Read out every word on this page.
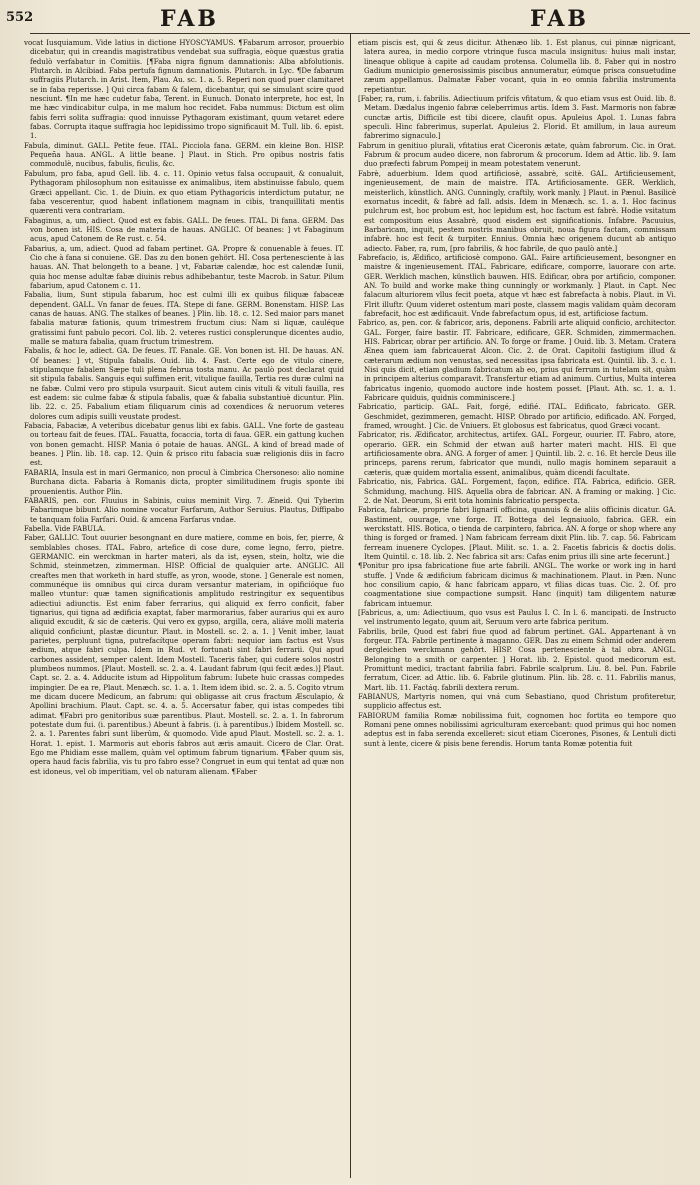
552	FAB	FAB

vocat Iusquiamum. Vide latius in dictione HYOSCYAMUS. ¶Fabarum arrosor, prouerbio dicebatur, qui in creandis magistratibus vendebat sua suffragia, eòque quæstus gratia fedulò verfabatur in Comitiis. [¶Faba nigra fignum damnationis: Alba abfolutionis. Plutarch. in Alcibiad. Faba pertufa fignum damnationis. Plutarch. in Lyc. ¶De fabarum suffragiis Plutarch. in Arist. Item, Plau. Au. sc. 1. a. 5. Reperi non quod puer clamitaret se in faba reperisse. ] Qui circa fabam & falem, dicebantur, qui se simulant scire quod nesciunt. ¶In me hæc cudetur faba, Terent. in Eunuch. Donato interprete, hoc est, In me hæc vindicabitur culpa, in me malum hoc recidet. Faba nummus: Dictum est olim fabis ferri solita suffragia: quod innuisse Pythagoram existimant, quum vetaret edere fabas. Corrupta itaque suffragia hoc lepidissimo tropo significauit M. Tull. lib. 6. epist. 1.

Fabula, diminut. GALL. Petite feue. ITAL. Picciola fana. GERM. ein kleine Bon. HISP. Pequeña haua. ANGL. A little beane. ] Plaut. in Stich. Pro opibus nostris fatis commodulè, nucibus, fabulis, ficulis, &c.

Fabulum, pro faba, apud Gell. lib. 4. c. 11. Opinio vetus falsa occupauit, & conualuit, Pythagoram philosophum non esitauisse ex animalibus, item abstinuisse fabulo, quem Græci appellant. Cic. 1. de Diuin. ex quo etiam Pythagoricis interdictum putatur, ne faba vescerentur, quod habent inflationem magnam in cibis, tranquillitati mentis quærenti vera contrariam.

Fabaginus, a, um, adiect. Quod est ex fabis. GALL. De feues. ITAL. Di fana. GERM. Das von bonen ist. HIS. Cosa de materia de hauas. ANGLIC. Of beanes: ] vt Fabaginum acus, apud Catonem de Re rust. c. 54.

Fabarius, a, um, adiect. Quod ad fabam pertinet. GA. Propre & conuenable à feues. IT. Cio che à fana si conuiene. GE. Das zu den bonen gehört. HI. Cosa pertenesciente à las hauas. AN. That belongeth to a beane. ] vt, Fabariæ calendæ, hoc est calendæ Iunii, quia hoc mense adultæ fabæ diuinis rebus adhibebantur, teste Macrob. in Satur. Pilum fabarium, apud Catonem c. 11.

Fabalia, lium, Sunt stipula fabarum, hoc est culmi illi ex quibus filiquæ fabaceæ dependent. GALL. Vn fanar de feues. ITA. Stepe di fane. GERM. Bonenstam. HISP. Las canas de hauas. ANG. The stalkes of beanes. ] Plin. lib. 18. c. 12. Sed maior pars manet fabalia maturæ fationis, quum trimestrem fructum cius: Nam si liquæ, cauléque gratissimi funt pabulo pecori. Col. lib. 2. veteres rustici consplerunque dicentes audio, malle se matura fabalia, quam fructum trimestrem.

Fabalis, & hoc le, adiect. GA. De feues. IT. Fanale. GE. Von bonen ist. HI. De hauas. AN. Of beanes: ] vt, Stipula fabalis. Ouid. lib. 4. Fast. Certe ego de vitulo cinere, stipulamque fabalem Sæpe tuli plena februa tosta manu. Ac paulò post declarat quid sit stipula fabalis. Sanguis equi suffimen erit, vitulique fauilla, Tertia res duræ culmi na ne fabæ. Culmi vero pro stipula vsurpauit. Sicut autem cinis vituli & vituli fauilla, res est eadem: sic culme fabæ & stipula fabalis, quæ & fabalia substantiuè dicuntur. Plin. lib. 22. c. 25. Fabalium etiam filiquarum cinis ad coxendices & neruorum veteres dolores cum adipis suilli veustate prodest.

Fabacia, Fabaciæ, A veteribus dicebatur genus libi ex fabis. GALL. Vne forte de gasteau ou torteau fait de feues. ITAL. Fauatta, focaccia, torta di faua. GER. ein gattung kuchen von bonen gemacht. HISP. Mania ó potaie de hauas. ANGL. A kind of bread made of beanes. ] Plin. lib. 18. cap. 12. Quin & prisco ritu fabacia suæ religionis diis in facro est.

FABARIA, Insula est in mari Germanico, non procul à Cimbrica Chersoneso: alio nomine Burchana dicta. Fabaria à Romanis dicta, propter similitudinem frugis sponte ibi prouenientis. Author Plin.

FABARIS, pen. cor. Fluuius in Sabinis, cuius meminit Virg. 7. Æneid. Qui Tyberim Fabarimque bibunt. Alio nomine vocatur Farfarum, Author Seruius. Plautus, Diffipabo te tanquam folia Farfari. Ouid. & amcena Farfarus vndae.

Fabella. Vide FABULA.

Faber, GALLIC. Tout ouurier besongnant en dure matiere, comme en bois, fer, pierre, & semblables choses. ITAL. Fabro, artefice di cose dure, come legno, ferro, pietre. GERMANIC. ein werckman in harter materi, als da ist, eysen, stein, holtz, wie die Schmid, steinmetzen, zimmerman. HISP. Official de qualquier arte. ANGLIC. All creaftes men that worketh in hard stuffe, as yron, woode, stone. ] Generale est nomen, communéque iis omnibus qui circa duram versantur materiam, in opificióque fuo malleo vtuntur: quæ tamen significationis amplitudo restringitur ex sequentibus adiectiui adiunctis. Est enim faber ferrarius, qui aliquid ex ferro conficit, faber tignarius, qui tigna ad ædificia exaptat, faber marmorarius, faber aurarius qui ex auro aliquid excudit, & sic de cæteris. Qui vero ex gypso, argilla, cera, aliáve molli materia aliquid conficiunt, plastæ dicuntur. Plaut. in Mostell. sc. 2. a. 1. ] Venit imber, lauat parietes, perpluunt tigna, putrefacítque operam fabri: nequior iam factus est Vsus ædium, atque fabri culpa. Idem in Rud. vt fortunati sint fabri ferrarii. Qui apud carbones assident, semper calent. Idem Mostell. Taceris faber, qui cudere solos nostri plumbeos nummos. [Plaut. Mostell. sc. 2. a. 4. Laudant fabrum (qui fecit ædes.)] Plaut. Capt. sc. 2. a. 4. Adducite istum ad Hippolitum fabrum: Iubete huic crassas compedes impingier. De ea re, Plaut. Menæch. sc. 1. a. 1. Item idem ibid. sc. 2. a. 5. Cogito vtrum me dicam ducere Medicum, an fabrum: qui obligasse ait crus fractum Æsculapio, & Apollini brachium. Plaut. Capt. sc. 4. a. 5. Accersatur faber, qui istas compedes tibi adimat. ¶Fabri pro genitoribus suæ parentibus. Plaut. Mostell. sc. 2. a. 1. In fabrorum potestate dum fui. (i. parentibus.) Abeunt à fabris. (i. à parentibus.) Ibidem Mostell. sc. 2. a. 1. Parentes fabri sunt liberûm, & quomodo. Vide apud Plaut. Mostell. sc. 2. a. 1. Horat. 1. epist. 1. Marmoris aut eboris fabros aut æris amauit. Cicero de Clar. Orat. Ego me Phidiam esse mallem, quàm vel optimum fabrum tignarium. ¶Faber quum sis, opera haud facis fabrilia, vis tu pro fabro esse? Congruet in eum qui tentat ad quæ non est idoneus, vel ob imperitiam, vel ob naturam alienam. ¶Faber

etiam piscis est, qui & zeus dicitur. Athenæo lib. 1. Est planus, cui pinnæ nigricant, latera aurea, in medio corpore vtrinque fusca macula insignitus: huius mali instar, lineaque oblique à capite ad caudam protensa. Columella lib. 8. Faber qui in nostro Gadium municipio generosissimis piscibus annumeratur, eúmque prisca consuetudine zæum appellamus. Dalmatæ Faber vocant, quia in eo omnia fabrilia instrumenta repetiantur.

[Faber, ra, rum, i. fabrilis. Adiectiuum prifcis vfitatum, & quo etiam vsus est Ouid. lib. 8. Metam. Dædalus ingenio fabræ celeberrimus artis. Idem 3. Fast. Marmoris non fabræ cunctæ artis, Difficile est tibi dicere, claufit opus. Apuleius Apol. 1. Lunas fabra speculi. Hinc fabrerimus, superlat. Apuleius 2. Florid. Et amillum, in laua aureum fabrerimo signaculo.]

Fabrum in genitiuo plurali, vfitatius erat Ciceronis ætate, quàm fabrorum. Cic. in Orat. Fabrum & procum audeo dicere, non fabrorum & procorum. Idem ad Attic. lib. 9. Iam duo præfecti fabrum Pompeij in meam potestatem venerunt.

Fabrè, aduerbium. Idem quod artificiosè, assabrè, scitè. GAL. Artificieusement, ingenieusement, de main de maistre. ITA. Artificiosamente. GER. Werklich, meisterlich, künstlich. ANG. Cunningly, craftily, work manly. ] Plaut. in Pænul. Basilicè exornatus incedit, & fabrè ad fall. adsis. Idem in Menæch. sc. 1. a. 1. Hoc facinus pulchrum est, hoc probum est, hoc lepidum est, hoc factum est fabrè. Hodie vsitatum est compositum eius Assabrè, quod eisdem est significationis. Infabre. Pacuuius, Barbaricam, inquit, pestem nostris manibus obruit, noua figura factam, commissam infabrè. hoc est fecit & turpiter. Ennius. Omnia hæc origenem ducunt ab antiquo adiecto. Faber, ra, rum, [pro fabrilis, & hoc fabrile, de quo paulò antè.]

Fabrefacio, is, Ædifico, artificiosè compono. GAL. Faire artificieusement, besongner en maistre & ingenieusement. ITAL. Fabricare, edificare, comporre, lauorare con arte. GER. Werklich machen, künstlich bauwen. HIS. Edificar, obra por artificio, componer. AN. To build and worke make thing cunningly or workmanly. ] Plaut. in Capt. Nec falacum alturiorem vllus fecit poeta, atque vt hæc est fabrefacta à nobis. Plaut. in Vi. Flrit illuftr. Quum videret ostentum mari poste, classem magis validam quàm decoram fabrefacit, hoc est ædificauit. Vnde fabrefactum opus, id est, artificiose factum.

Fabrico, as, pen. cor. & fabricor, aris, deponens. Fabrili arte aliquid conficio, architector. GAL. Forger, faire bastir. IT. Fabricare, edificare, GER. Schmiden, zimmermachen. HIS. Fabricar, obrar per artificio. AN. To forge or frame. ] Ouid. lib. 3. Metam. Cratera Ænea quem iam fabricauerat Alcon. Cic. 2. de Orat. Capitolii fastigium illud & cæterarum ædium non venustas, sed necessitas ipsa fabricata est. Quintil. lib. 3. c. 1. Nisi quis dicit, etiam gladium fabricatum ab eo, prius qui ferrum in tutelam sit, quàm in principem alterius comparavit. Transfertur etiam ad animum. Curtius, Multa interea fabricatus ingenio, quomodo auctore inde hostem posset. [Plaut. Ath. sc. 1. a. 1. Fabricare quiduis, quidnis comminiscere.]

Fabricatio, particip. GAL. Fait, forgé, edifié. ITAL. Edificato, fabricato. GER. Geschmidet, gezimmeren, gemacht. HISP. Obrado por artificio, edificado. AN. Forged, framed, wrought. ] Cic. de Vniuers. Et globosus est fabricatus, quod Græci vocant.

Fabricator, ris. Ædificator, architectus, artifex. GAL. Forgeur, ouurier. IT. Fabro, atore, operario. GER. ein Schmid der etwan auß harter materi macht. HIS. El que artificiosamente obra. ANG. A forger of amer. ] Quintil. lib. 2. c. 16. Et hercle Deus ille princeps, parens rerum, fabricator que mundi, nullo magis hominem separauit a cæteris, quæ quidem mortalia essent, animalibus, quàm dicendi facultate.

Fabricatio, nis, Fabrica. GAL. Forgement, façon, edifice. ITA. Fabrica, edificio. GER. Schmidung, machung. HIS. Aquella obra de fabricar. AN. A framing or making. ] Cic. 2. de Nat. Deorum, Si erit tota hominis fabricatio perspecta.

Fabrica, fabricæ, proprie fabri lignarii officina, quanuis & de aliis officinis dicatur. GA. Bastiment, ouurage, vne forge. IT. Bottega del legnaiuolo, fabrica. GER. ein werckstatt. HIS. Botica, o tienda de carpintero, fabrica. AN. A forge or shop where any thing is forged or framed. ] Nam fabricam ferream dixit Plin. lib. 7. cap. 56. Fabricam ferream inuenere Cyclopes. [Plaut. Milit. sc. 1. a. 2. Facetis fabricis & doctis dolis. Item Quintil. c. 18. lib. 2. Nec fabrica sit ars: Cafas enim prius illi sine arte fecerunt.]

¶Ponitur pro ipsa fabricatione fiue arte fabrili. ANGL. The worke or work ing in hard stuffe. ] Vnde & ædificium fabricam dicimus & machinationem. Plaut. in Pæn. Nunc hoc consilium capio, & hanc fabricam apparo, vt filias dicas tuas. Cic. 2. Of. pro coagmentatione siue compactione sumpsit. Hanc (inquit) tam diligentem naturæ fabricam intuemur.

[Fabricus, a, um: Adiectiuum, quo vsus est Paulus I. C. In l. 6. mancipati. de Instructo vel instrumento legato, quum ait, Seruum vero arte fabrica peritum.

Fabrilis, brile, Quod est fabri fiue quod ad fabrum pertinet. GAL. Appartenant à vn forgeur. ITA. Fabrile pertinente à maganno. GER. Das zu einem Schmid oder anderem dergleichen werckmann gehört. HISP. Cosa pertenesciente à tal obra. ANGL. Belonging to a smith or carpenter. ] Horat. lib. 2. Epistol. quod medicorum est. Promittunt medici, tractant fabrilia fabri. Fabrile scalprum. Liu. 8. bel. Pun. Fabrile ferratum, Cicer. ad Attic. lib. 6. Fabrile glutinum. Plin. lib. 28. c. 11. Fabrilis manus, Mart. lib. 11. Factáq. fabrili dextera rerum.

FABIANUS, Martyris nomen, qui vná cum Sebastiano, quod Christum profiteretur, supplicio affectus est.

FABIORUM familia Romæ nobilissima fuit, cognomen hoc fortita eo tempore quo Romani pene omnes nobilissimi agriculturam exercebant: quod primus qui hoc nomen adeptus est in faba serenda excelleret: sicut etiam Cicerones, Pisones, & Lentuli dicti sunt à lente, cicere & pisis bene ferendis. Horum tanta Romæ potentia fuit
